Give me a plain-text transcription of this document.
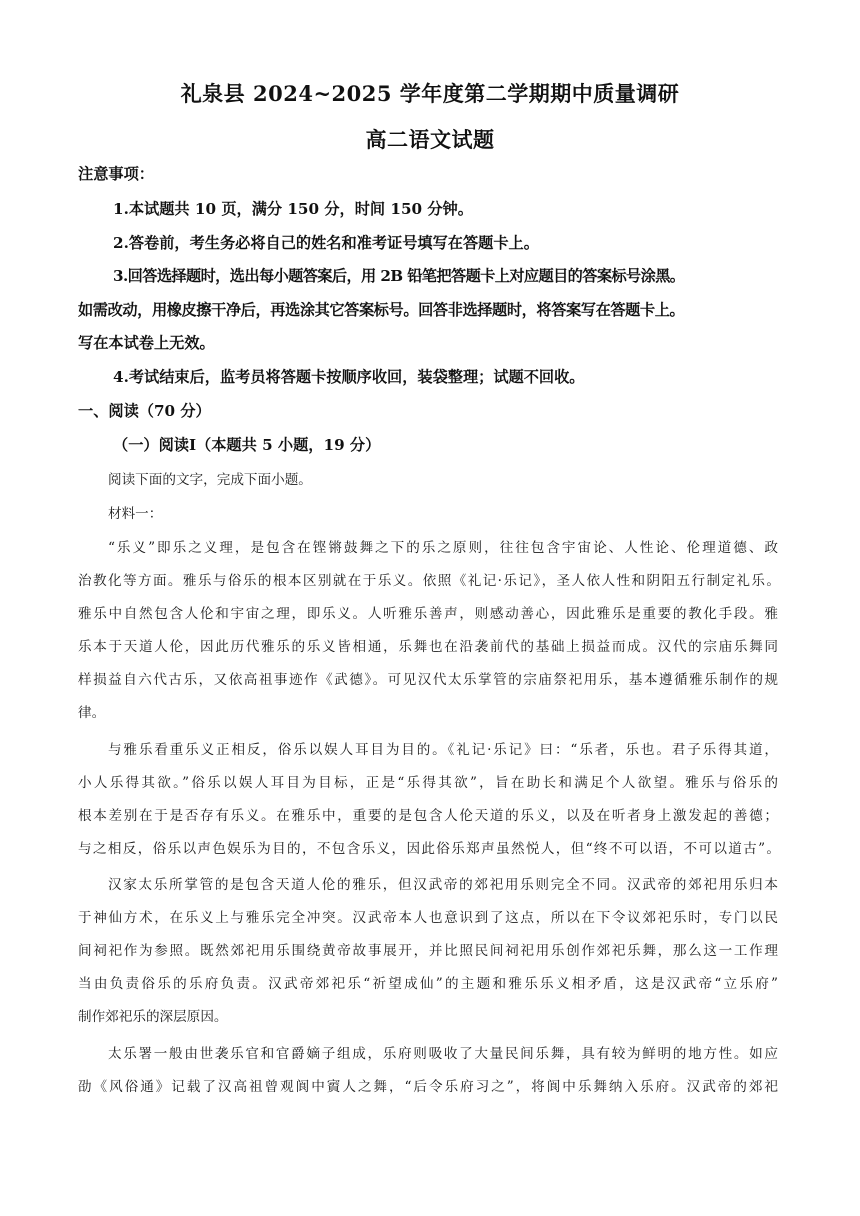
礼泉县 2024~2025 学年度第二学期期中质量调研
高二语文试题
注意事项：
1.本试题共 10 页，满分 150 分，时间 150 分钟。
2.答卷前，考生务必将自己的姓名和准考证号填写在答题卡上。
3.回答选择题时，选出每小题答案后，用 2B 铅笔把答题卡上对应题目的答案标号涂黑。
如需改动，用橡皮擦干净后，再选涂其它答案标号。回答非选择题时，将答案写在答题卡上。
写在本试卷上无效。
4.考试结束后，监考员将答题卡按顺序收回，装袋整理；试题不回收。
一、阅读（70 分）
（一）阅读Ⅰ（本题共 5 小题，19 分）
阅读下面的文字，完成下面小题。
材料一：
“乐义”即乐之义理，是包含在铿锵鼓舞之下的乐之原则，往往包含宇宙论、人性论、伦理道德、政
治教化等方面。雅乐与俗乐的根本区别就在于乐义。依照《礼记·乐记》，圣人依人性和阴阳五行制定礼乐。
雅乐中自然包含人伦和宇宙之理，即乐义。人听雅乐善声，则感动善心，因此雅乐是重要的教化手段。雅
乐本于天道人伦，因此历代雅乐的乐义皆相通，乐舞也在沿袭前代的基础上损益而成。汉代的宗庙乐舞同
样损益自六代古乐，又依高祖事迹作《武德》。可见汉代太乐掌管的宗庙祭祀用乐，基本遵循雅乐制作的规
律。
与雅乐看重乐义正相反，俗乐以娱人耳目为目的。《礼记·乐记》曰：“乐者，乐也。君子乐得其道，
小人乐得其欲。”俗乐以娱人耳目为目标，正是“乐得其欲”，旨在助长和满足个人欲望。雅乐与俗乐的
根本差别在于是否存有乐义。在雅乐中，重要的是包含人伦天道的乐义，以及在听者身上激发起的善德；
与之相反，俗乐以声色娱乐为目的，不包含乐义，因此俗乐郑声虽然悦人，但“终不可以语，不可以道古”。
汉家太乐所掌管的是包含天道人伦的雅乐，但汉武帝的郊祀用乐则完全不同。汉武帝的郊祀用乐归本
于神仙方术，在乐义上与雅乐完全冲突。汉武帝本人也意识到了这点，所以在下令议郊祀乐时，专门以民
间祠祀作为参照。既然郊祀用乐围绕黄帝故事展开，并比照民间祠祀用乐创作郊祀乐舞，那么这一工作理
当由负责俗乐的乐府负责。汉武帝郊祀乐“祈望成仙”的主题和雅乐乐义相矛盾，这是汉武帝“立乐府”
制作郊祀乐的深层原因。
太乐署一般由世袭乐官和官爵嫡子组成，乐府则吸收了大量民间乐舞，具有较为鲜明的地方性。如应
劭《风俗通》记载了汉高祖曾观阆中賨人之舞，“后令乐府习之”，将阆中乐舞纳入乐府。汉武帝的郊祀
